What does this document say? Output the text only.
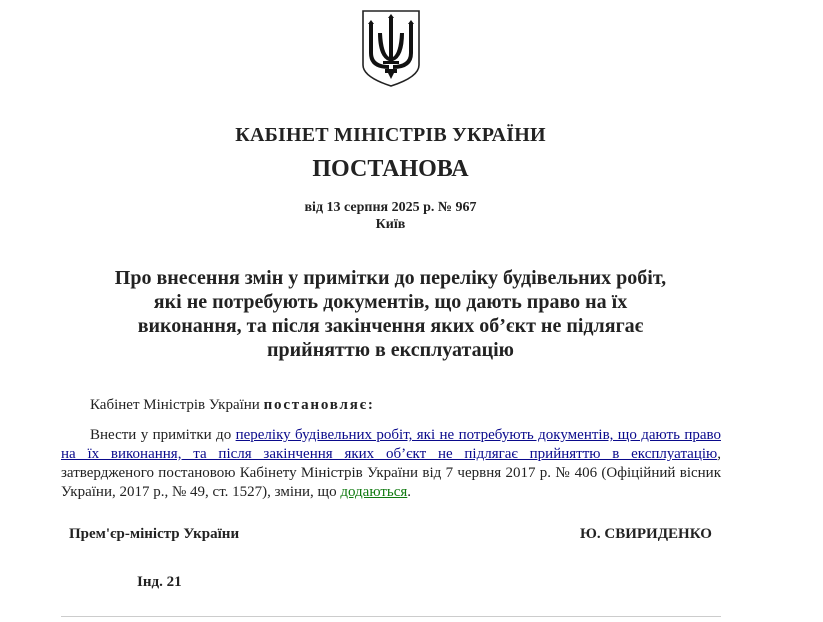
КАБІНЕТ МІНІСТРІВ УКРАЇНИ
ПОСТАНОВА
від 13 серпня 2025 р. № 967
Київ
Про внесення змін у примітки до переліку будівельних робіт,
які не потребують документів, що дають право на їх
виконання, та після закінчення яких об’єкт не підлягає
прийняттю в експлуатацію
Кабінет Міністрів України постановляє:
Внести у примітки до переліку будівельних робіт, які не потребують документів, що дають право на їх виконання, та після закінчення яких об’єкт не підлягає прийняттю в експлуатацію, затвердженого постановою Кабінету Міністрів України від 7 червня 2017 р. № 406 (Офіційний вісник України, 2017 р., № 49, ст. 1527), зміни, що додаються.
Прем'єр-міністр України	Ю. СВИРИДЕНКО
Інд. 21
